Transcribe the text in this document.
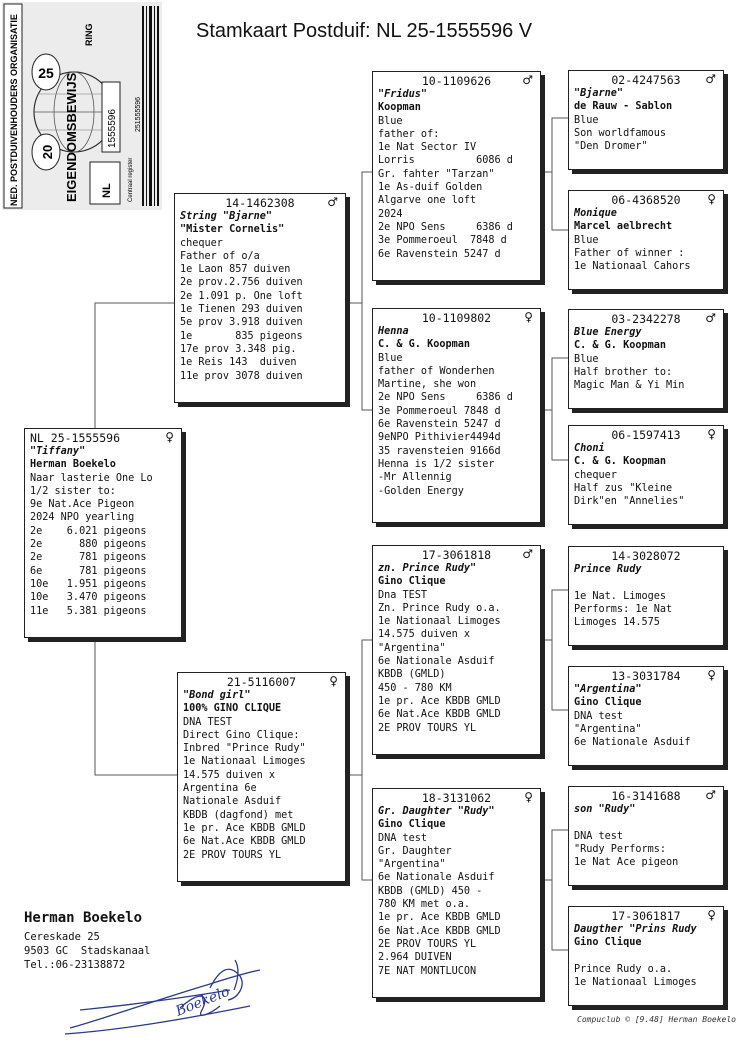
Stamkaart Postduif: NL 25-1555596 V
NED. POSTDUIVENHOUDERS ORGANISATIE 25
20 EIGENDOMSBEWIJS
RING
NL
1555596
Centraal register
251555596
NL 25-1555596	♀
"Tiffany"
Herman Boekelo
Naar lasterie One Lo
1/2 sister to:
9e Nat.Ace Pigeon
2024 NPO yearling
2e    6.021 pigeons
2e      880 pigeons
2e      781 pigeons
6e      781 pigeons
10e   1.951 pigeons
10e   3.470 pigeons
11e   5.381 pigeons
14-1462308	♂
String "Bjarne"
"Mister Cornelis"
chequer
Father of o/a
1e Laon 857 duiven
2e prov.2.756 duiven
2e 1.091 p. One loft
1e Tienen 293 duiven
5e prov 3.918 duiven
1e       835 pigeons
17e prov 3.348 pig.
1e Reis 143  duiven
11e prov 3078 duiven
21-5116007	♀
"Bond girl"
100% GINO CLIQUE
DNA TEST
Direct Gino Clique:
Inbred "Prince Rudy"
1e Nationaal Limoges
14.575 duiven x
Argentina 6e
Nationale Asduif
KBDB (dagfond) met
1e pr. Ace KBDB GMLD
6e Nat.Ace KBDB GMLD
2E PROV TOURS YL
10-1109626	♂
"Fridus"
Koopman
Blue
father of:
1e Nat Sector IV
Lorris          6086 d
Gr. fahter "Tarzan"
1e As-duif Golden
Algarve one loft
2024
2e NPO Sens     6386 d
3e Pommeroeul  7848 d
6e Ravenstein 5247 d
10-1109802	♀
Henna
C. & G. Koopman
Blue
father of Wonderhen
Martine, she won
2e NPO Sens     6386 d
3e Pommeroeul 7848 d
6e Ravenstein 5247 d
9eNPO Pithivier4494d
35 ravensteien 9166d
Henna is 1/2 sister
-Mr Allennig
-Golden Energy
17-3061818	♂
zn. Prince Rudy"
Gino Clique
Dna TEST
Zn. Prince Rudy o.a.
1e Nationaal Limoges
14.575 duiven x
"Argentina"
6e Nationale Asduif
KBDB (GMLD)
450 - 780 KM
1e pr. Ace KBDB GMLD
6e Nat.Ace KBDB GMLD
2E PROV TOURS YL
18-3131062	♀
Gr. Daughter "Rudy"
Gino Clique
DNA test
Gr. Daughter
"Argentina"
6e Nationale Asduif
KBDB (GMLD) 450 -
780 KM met o.a.
1e pr. Ace KBDB GMLD
6e Nat.Ace KBDB GMLD
2E PROV TOURS YL
2.964 DUIVEN
7E NAT MONTLUCON
02-4247563 ♂
"Bjarne"
de Rauw - Sablon
Blue
Son worldfamous
"Den Dromer"
06-4368520 ♀
Monique
Marcel aelbrecht
Blue
Father of winner :
1e Nationaal Cahors
03-2342278 ♂
Blue Energy
C. & G. Koopman
Blue
Half brother to:
Magic Man & Yi Min
06-1597413 ♀
Choni
C. & G. Koopman
chequer
Half zus "Kleine
Dirk"en "Annelies"
14-3028072
Prince Rudy
1e Nat. Limoges
Performs: 1e Nat
Limoges 14.575
13-3031784 ♀
"Argentina"
Gino Clique
DNA test
"Argentina"
6e Nationale Asduif
16-3141688 ♂
son "Rudy"
DNA test
"Rudy Performs:
1e Nat Ace pigeon
17-3061817 ♀
Daugther "Prins Rudy
Gino Clique
Prince Rudy o.a.
1e Nationaal Limoges
Herman Boekelo
Cereskade 25
9503 GC  Stadskanaal
Tel.:06-23138872
Boekelo	Compuclub © [9.48] Herman Boekelo
